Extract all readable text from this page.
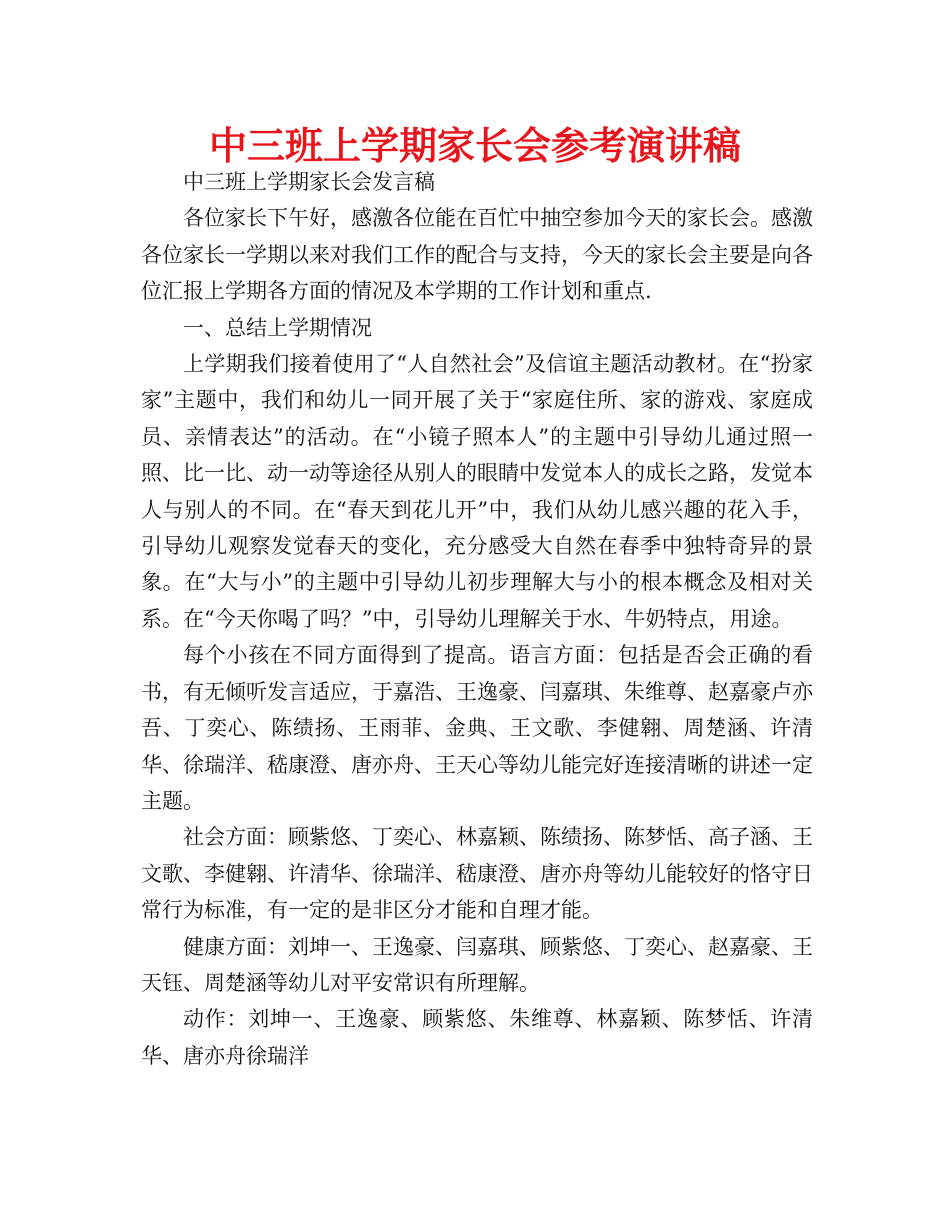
中三班上学期家长会参考演讲稿

中三班上学期家长会发言稿

各位家长下午好，感激各位能在百忙中抽空参加今天的家长会。感激各位家长一学期以来对我们工作的配合与支持，今天的家长会主要是向各位汇报上学期各方面的情况及本学期的工作计划和重点.

一、总结上学期情况

上学期我们接着使用了“人自然社会”及信谊主题活动教材。在“扮家家”主题中，我们和幼儿一同开展了关于“家庭住所、家的游戏、家庭成员、亲情表达”的活动。在“小镜子照本人”的主题中引导幼儿通过照一照、比一比、动一动等途径从别人的眼睛中发觉本人的成长之路，发觉本人与别人的不同。在“春天到花儿开”中，我们从幼儿感兴趣的花入手，引导幼儿观察发觉春天的变化，充分感受大自然在春季中独特奇异的景象。在“大与小”的主题中引导幼儿初步理解大与小的根本概念及相对关系。在“今天你喝了吗？”中，引导幼儿理解关于水、牛奶特点，用途。

每个小孩在不同方面得到了提高。语言方面：包括是否会正确的看书，有无倾听发言适应，于嘉浩、王逸豪、闫嘉琪、朱维尊、赵嘉豪卢亦吾、丁奕心、陈绩扬、王雨菲、金典、王文歌、李健翱、周楚涵、许清华、徐瑞洋、嵇康澄、唐亦舟、王天心等幼儿能完好连接清晰的讲述一定主题。

社会方面：顾紫悠、丁奕心、林嘉颖、陈绩扬、陈梦恬、高子涵、王文歌、李健翱、许清华、徐瑞洋、嵇康澄、唐亦舟等幼儿能较好的恪守日常行为标准，有一定的是非区分才能和自理才能。

健康方面：刘坤一、王逸豪、闫嘉琪、顾紫悠、丁奕心、赵嘉豪、王天钰、周楚涵等幼儿对平安常识有所理解。

动作：刘坤一、王逸豪、顾紫悠、朱维尊、林嘉颖、陈梦恬、许清华、唐亦舟徐瑞洋
